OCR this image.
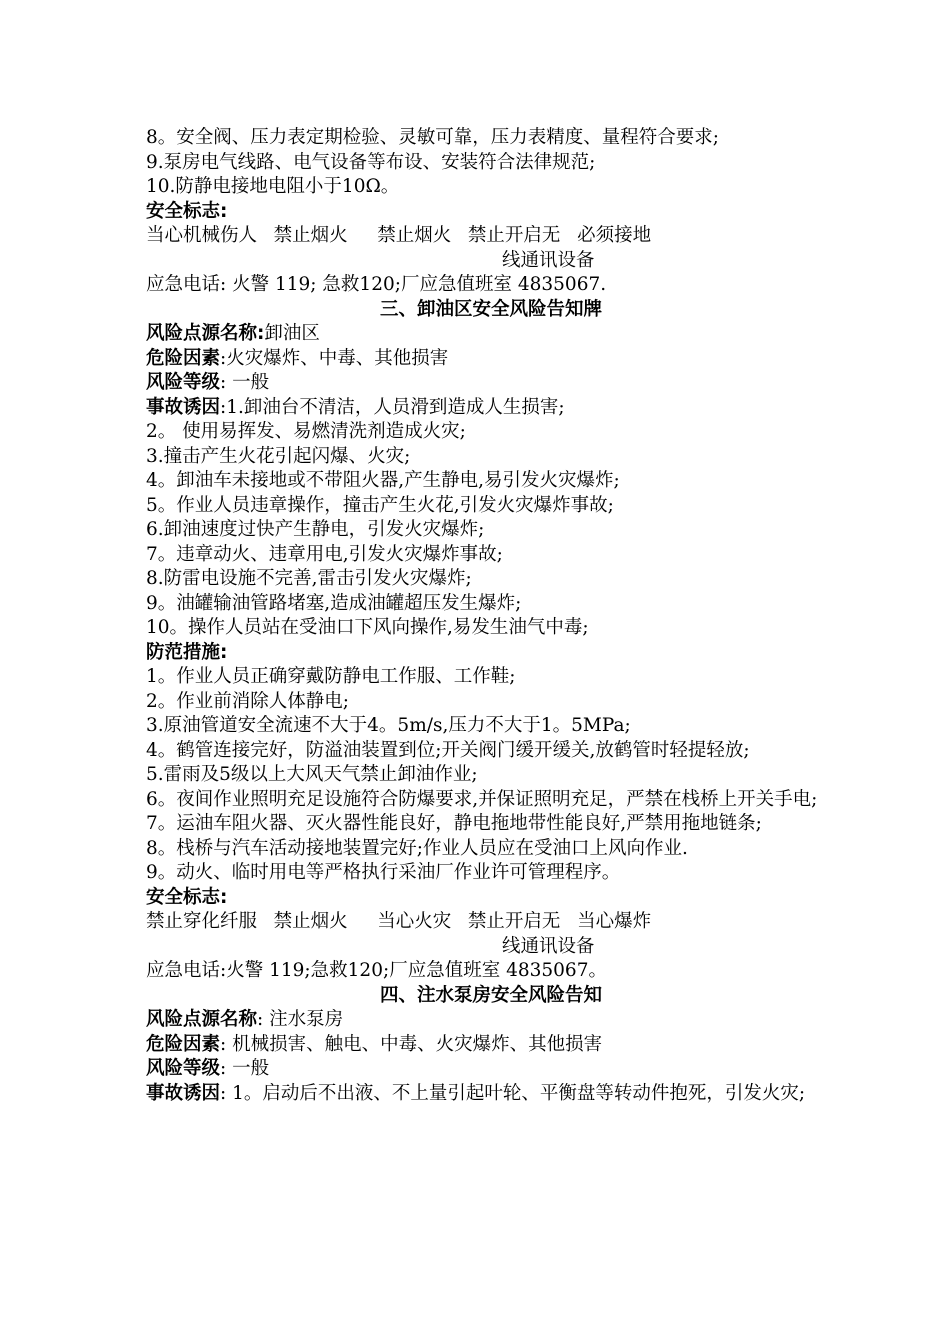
8。安全阀、压力表定期检验、灵敏可靠，压力表精度、量程符合要求;
9.泵房电气线路、电气设备等布设、安装符合法律规范;
10.防静电接地电阻小于10Ω。
安全标志:
当心机械伤人 禁止烟火 禁止烟火 禁止开启无 必须接地
线通讯设备
应急电话: 火警 119; 急救120;厂应急值班室 4835067.
三、卸油区安全风险告知牌
风险点源名称:卸油区
危险因素:火灾爆炸、中毒、其他损害
风险等级: 一般
事故诱因:1.卸油台不清洁，人员滑到造成人生损害;
2。 使用易挥发、易燃清洗剂造成火灾;
3.撞击产生火花引起闪爆、火灾;
4。卸油车未接地或不带阻火器,产生静电,易引发火灾爆炸;
5。作业人员违章操作，撞击产生火花,引发火灾爆炸事故;
6.卸油速度过快产生静电，引发火灾爆炸;
7。违章动火、违章用电,引发火灾爆炸事故;
8.防雷电设施不完善,雷击引发火灾爆炸;
9。油罐输油管路堵塞,造成油罐超压发生爆炸;
10。操作人员站在受油口下风向操作,易发生油气中毒;
防范措施:
1。作业人员正确穿戴防静电工作服、工作鞋;
2。作业前消除人体静电;
3.原油管道安全流速不大于4。5m/s,压力不大于1。5MPa;
4。鹤管连接完好，防溢油装置到位;开关阀门缓开缓关,放鹤管时轻提轻放;
5.雷雨及5级以上大风天气禁止卸油作业;
6。夜间作业照明充足设施符合防爆要求,并保证照明充足，严禁在栈桥上开关手电;
7。运油车阻火器、灭火器性能良好，静电拖地带性能良好,严禁用拖地链条;
8。栈桥与汽车活动接地装置完好;作业人员应在受油口上风向作业.
9。动火、临时用电等严格执行采油厂作业许可管理程序。
安全标志:
禁止穿化纤服 禁止烟火 当心火灾 禁止开启无 当心爆炸
线通讯设备
应急电话:火警 119;急救120;厂应急值班室 4835067。
四、注水泵房安全风险告知
风险点源名称: 注水泵房
危险因素: 机械损害、触电、中毒、火灾爆炸、其他损害
风险等级: 一般
事故诱因: 1。启动后不出液、不上量引起叶轮、平衡盘等转动件抱死，引发火灾;
